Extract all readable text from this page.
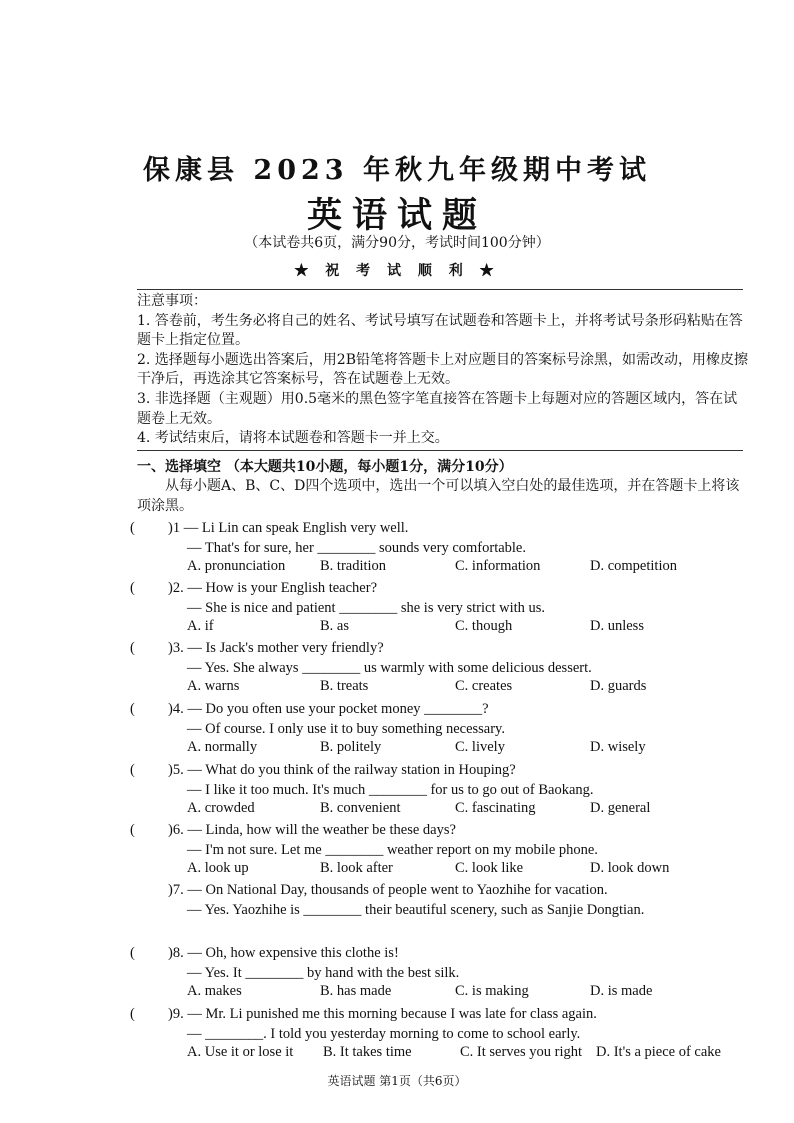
保康县 2023 年秋九年级期中考试
英语试题
（本试卷共6页，满分90分，考试时间100分钟）
★ 祝 考 试 顺 利 ★

注意事项：

1. 答卷前，考生务必将自己的姓名、考试号填写在试题卷和答题卡上，并将考试号条形码粘贴在答题卡上指定位置。

2. 选择题每小题选出答案后，用2B铅笔将答题卡上对应题目的答案标号涂黑，如需改动，用橡皮擦干净后，再选涂其它答案标号，答在试题卷上无效。

3. 非选择题（主观题）用0.5毫米的黑色签字笔直接答在答题卡上每题对应的答题区域内，答在试题卷上无效。

4. 考试结束后，请将本试题卷和答题卡一并上交。

一、选择填空 （本大题共10小题，每小题1分，满分10分）
从每小题A、B、C、D四个选项中，选出一个可以填入空白处的最佳选项，并在答题卡上将该项涂黑。
( )1 — Li Lin can speak English very well.
— That's for sure, her ________ sounds very comfortable.
A. pronunciation B. tradition	C. information	D. competition
( )2. — How is your English teacher?
— She is nice and patient ________ she is very strict with us.
A. if	B. as	C. though	D. unless
( )3. — Is Jack's mother very friendly?
— Yes. She always ________ us warmly with some delicious dessert.
A. warns	B. treats	C. creates	D. guards
( )4. — Do you often use your pocket money ________?
— Of course. I only use it to buy something necessary.
A. normally	B. politely	C. lively	D. wisely
( )5. — What do you think of the railway station in Houping?
— I like it too much. It's much ________ for us to go out of Baokang.
A. crowded	B. convenient	C. fascinating	D. general
( )6. — Linda, how will the weather be these days?
— I'm not sure. Let me ________ weather report on my mobile phone.
A. look up	B. look after	C. look like	D. look down
)7. — On National Day, thousands of people went to Yaozhihe for vacation.
— Yes. Yaozhihe is ________ their beautiful scenery, such as Sanjie Dongtian.
( )8. — Oh, how expensive this clothe is!
— Yes. It ________ by hand with the best silk.
A. makes	B. has made	C. is making	D. is made
( )9. — Mr. Li punished me this morning because I was late for class again.
— ________. I told you yesterday morning to come to school early.
A. Use it or lose it B. It takes time	C. It serves you right D. It's a piece of cake
英语试题 第1页（共6页）
